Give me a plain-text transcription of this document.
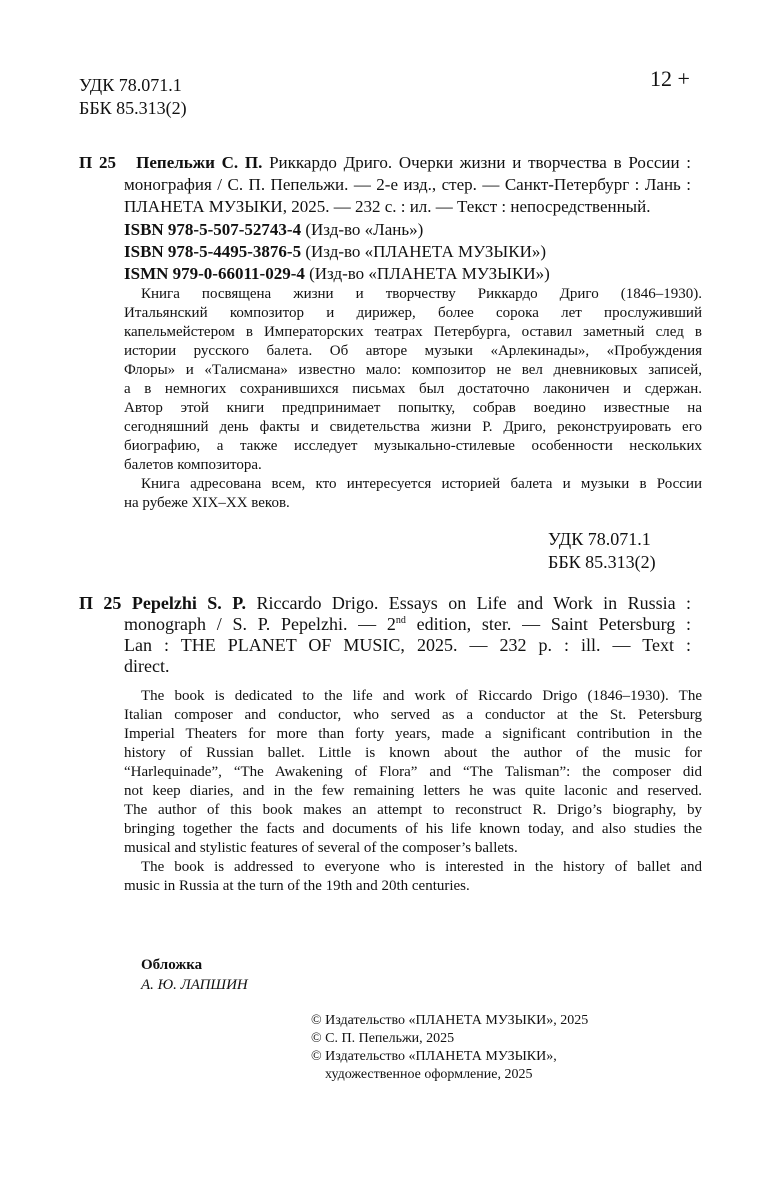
УДК 78.071.1
ББК 85.313(2)
12 +
П 25 Пепельжи С. П. Риккардо Дриго. Очерки жизни и творчества в России :
монография / С. П. Пепельжи. — 2-е изд., стер. — Санкт-Петербург : Лань :
ПЛАНЕТА МУЗЫКИ, 2025. — 232 с. : ил. — Текст : непосредственный.
ISBN 978-5-507-52743-4 (Изд-во «Лань»)
ISBN 978-5-4495-3876-5 (Изд-во «ПЛАНЕТА МУЗЫКИ»)
ISMN 979-0-66011-029-4 (Изд-во «ПЛАНЕТА МУЗЫКИ»)
Книга посвящена жизни и творчеству Риккардо Дриго (1846–1930).
Итальянский композитор и дирижер, более сорока лет прослуживший
капельмейстером в Императорских театрах Петербурга, оставил заметный след в
истории русского балета. Об авторе музыки «Арлекинады», «Пробуждения
Флоры» и «Талисмана» известно мало: композитор не вел дневниковых записей,
а в немногих сохранившихся письмах был достаточно лаконичен и сдержан.
Автор этой книги предпринимает попытку, собрав воедино известные на
сегодняшний день факты и свидетельства жизни Р. Дриго, реконструировать его
биографию, а также исследует музыкально-стилевые особенности нескольких
балетов композитора.
Книга адресована всем, кто интересуется историей балета и музыки в России
на рубеже XIX–XX веков.
УДК 78.071.1
ББК 85.313(2)
П 25 Pepelzhi S. P. Riccardo Drigo. Essays on Life and Work in Russia :
monograph / S. P. Pepelzhi. — 2nd edition, ster. — Saint Petersburg :
Lan : THE PLANET OF MUSIC, 2025. — 232 p. : ill. — Text :
direct.
The book is dedicated to the life and work of Riccardo Drigo (1846–1930). The
Italian composer and conductor, who served as a conductor at the St. Petersburg
Imperial Theaters for more than forty years, made a significant contribution in the
history of Russian ballet. Little is known about the author of the music for
“Harlequinade”, “The Awakening of Flora” and “The Talisman”: the composer did
not keep diaries, and in the few remaining letters he was quite laconic and reserved.
The author of this book makes an attempt to reconstruct R. Drigo’s biography, by
bringing together the facts and documents of his life known today, and also studies the
musical and stylistic features of several of the composer’s ballets.
The book is addressed to everyone who is interested in the history of ballet and
music in Russia at the turn of the 19th and 20th centuries.
Обложка
А. Ю. ЛАПШИН
© Издательство «ПЛАНЕТА МУЗЫКИ», 2025
© С. П. Пепельжи, 2025
© Издательство «ПЛАНЕТА МУЗЫКИ»,
художественное оформление, 2025
